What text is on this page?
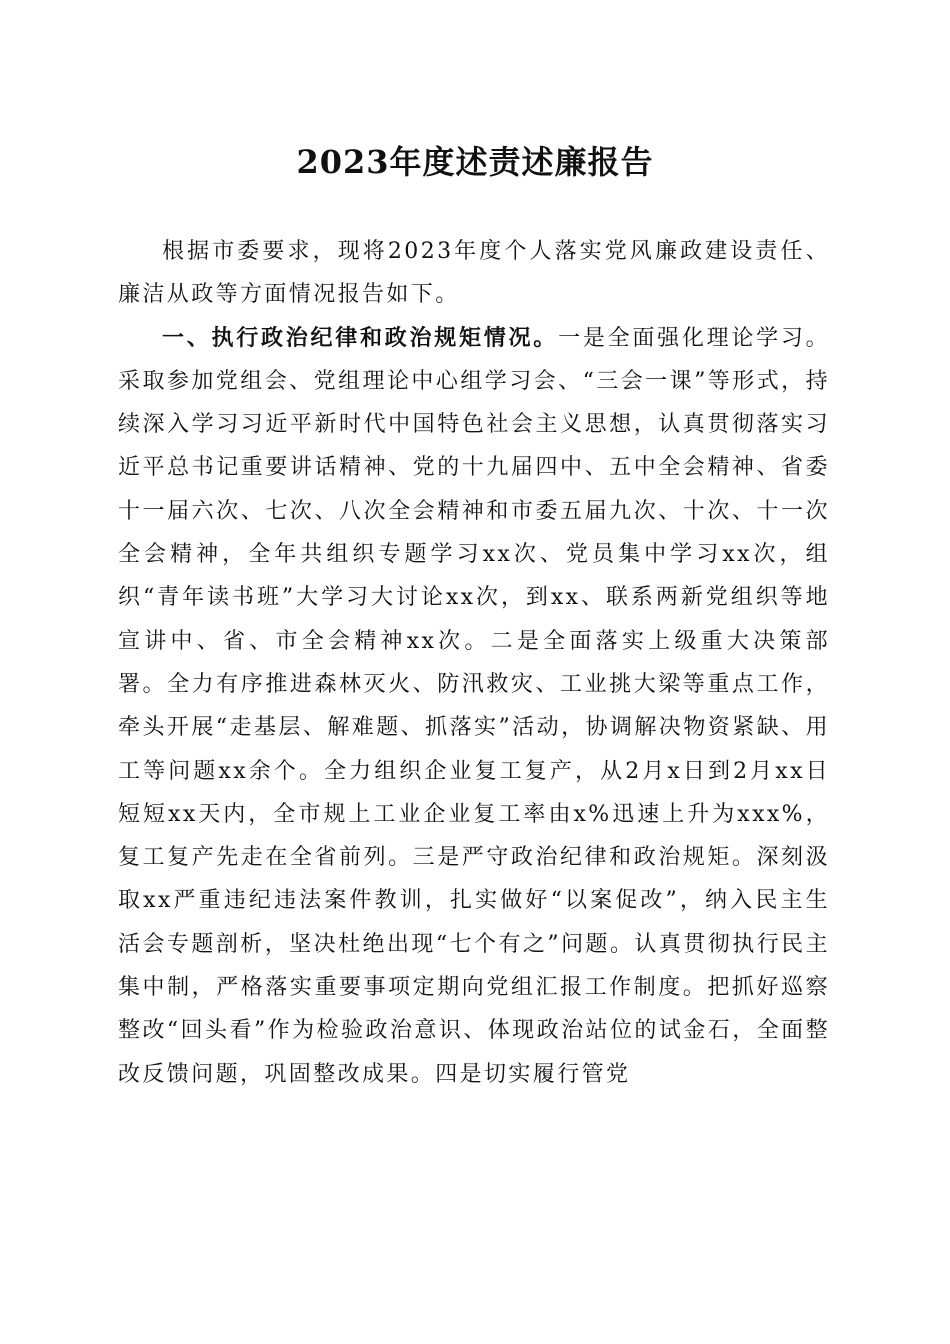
2023年度述责述廉报告

根据市委要求，现将2023年度个人落实党风廉政建设责任、廉洁从政等方面情况报告如下。

一、执行政治纪律和政治规矩情况。一是全面强化理论学习。采取参加党组会、党组理论中心组学习会、“三会一课”等形式，持续深入学习习近平新时代中国特色社会主义思想，认真贯彻落实习近平总书记重要讲话精神、党的十九届四中、五中全会精神、省委十一届六次、七次、八次全会精神和市委五届九次、十次、十一次全会精神，全年共组织专题学习xx次、党员集中学习xx次，组织“青年读书班”大学习大讨论xx次，到xx、联系两新党组织等地宣讲中、省、市全会精神xx次。二是全面落实上级重大决策部署。全力有序推进森林灭火、防汛救灾、工业挑大梁等重点工作，牵头开展“走基层、解难题、抓落实”活动，协调解决物资紧缺、用工等问题xx余个。全力组织企业复工复产，从2月x日到2月xx日短短xx天内，全市规上工业企业复工率由x%迅速上升为xxx%，复工复产先走在全省前列。三是严守政治纪律和政治规矩。深刻汲取xx严重违纪违法案件教训，扎实做好“以案促改”，纳入民主生活会专题剖析，坚决杜绝出现“七个有之”问题。认真贯彻执行民主集中制，严格落实重要事项定期向党组汇报工作制度。把抓好巡察整改“回头看”作为检验政治意识、体现政治站位的试金石，全面整改反馈问题，巩固整改成果。四是切实履行管党
